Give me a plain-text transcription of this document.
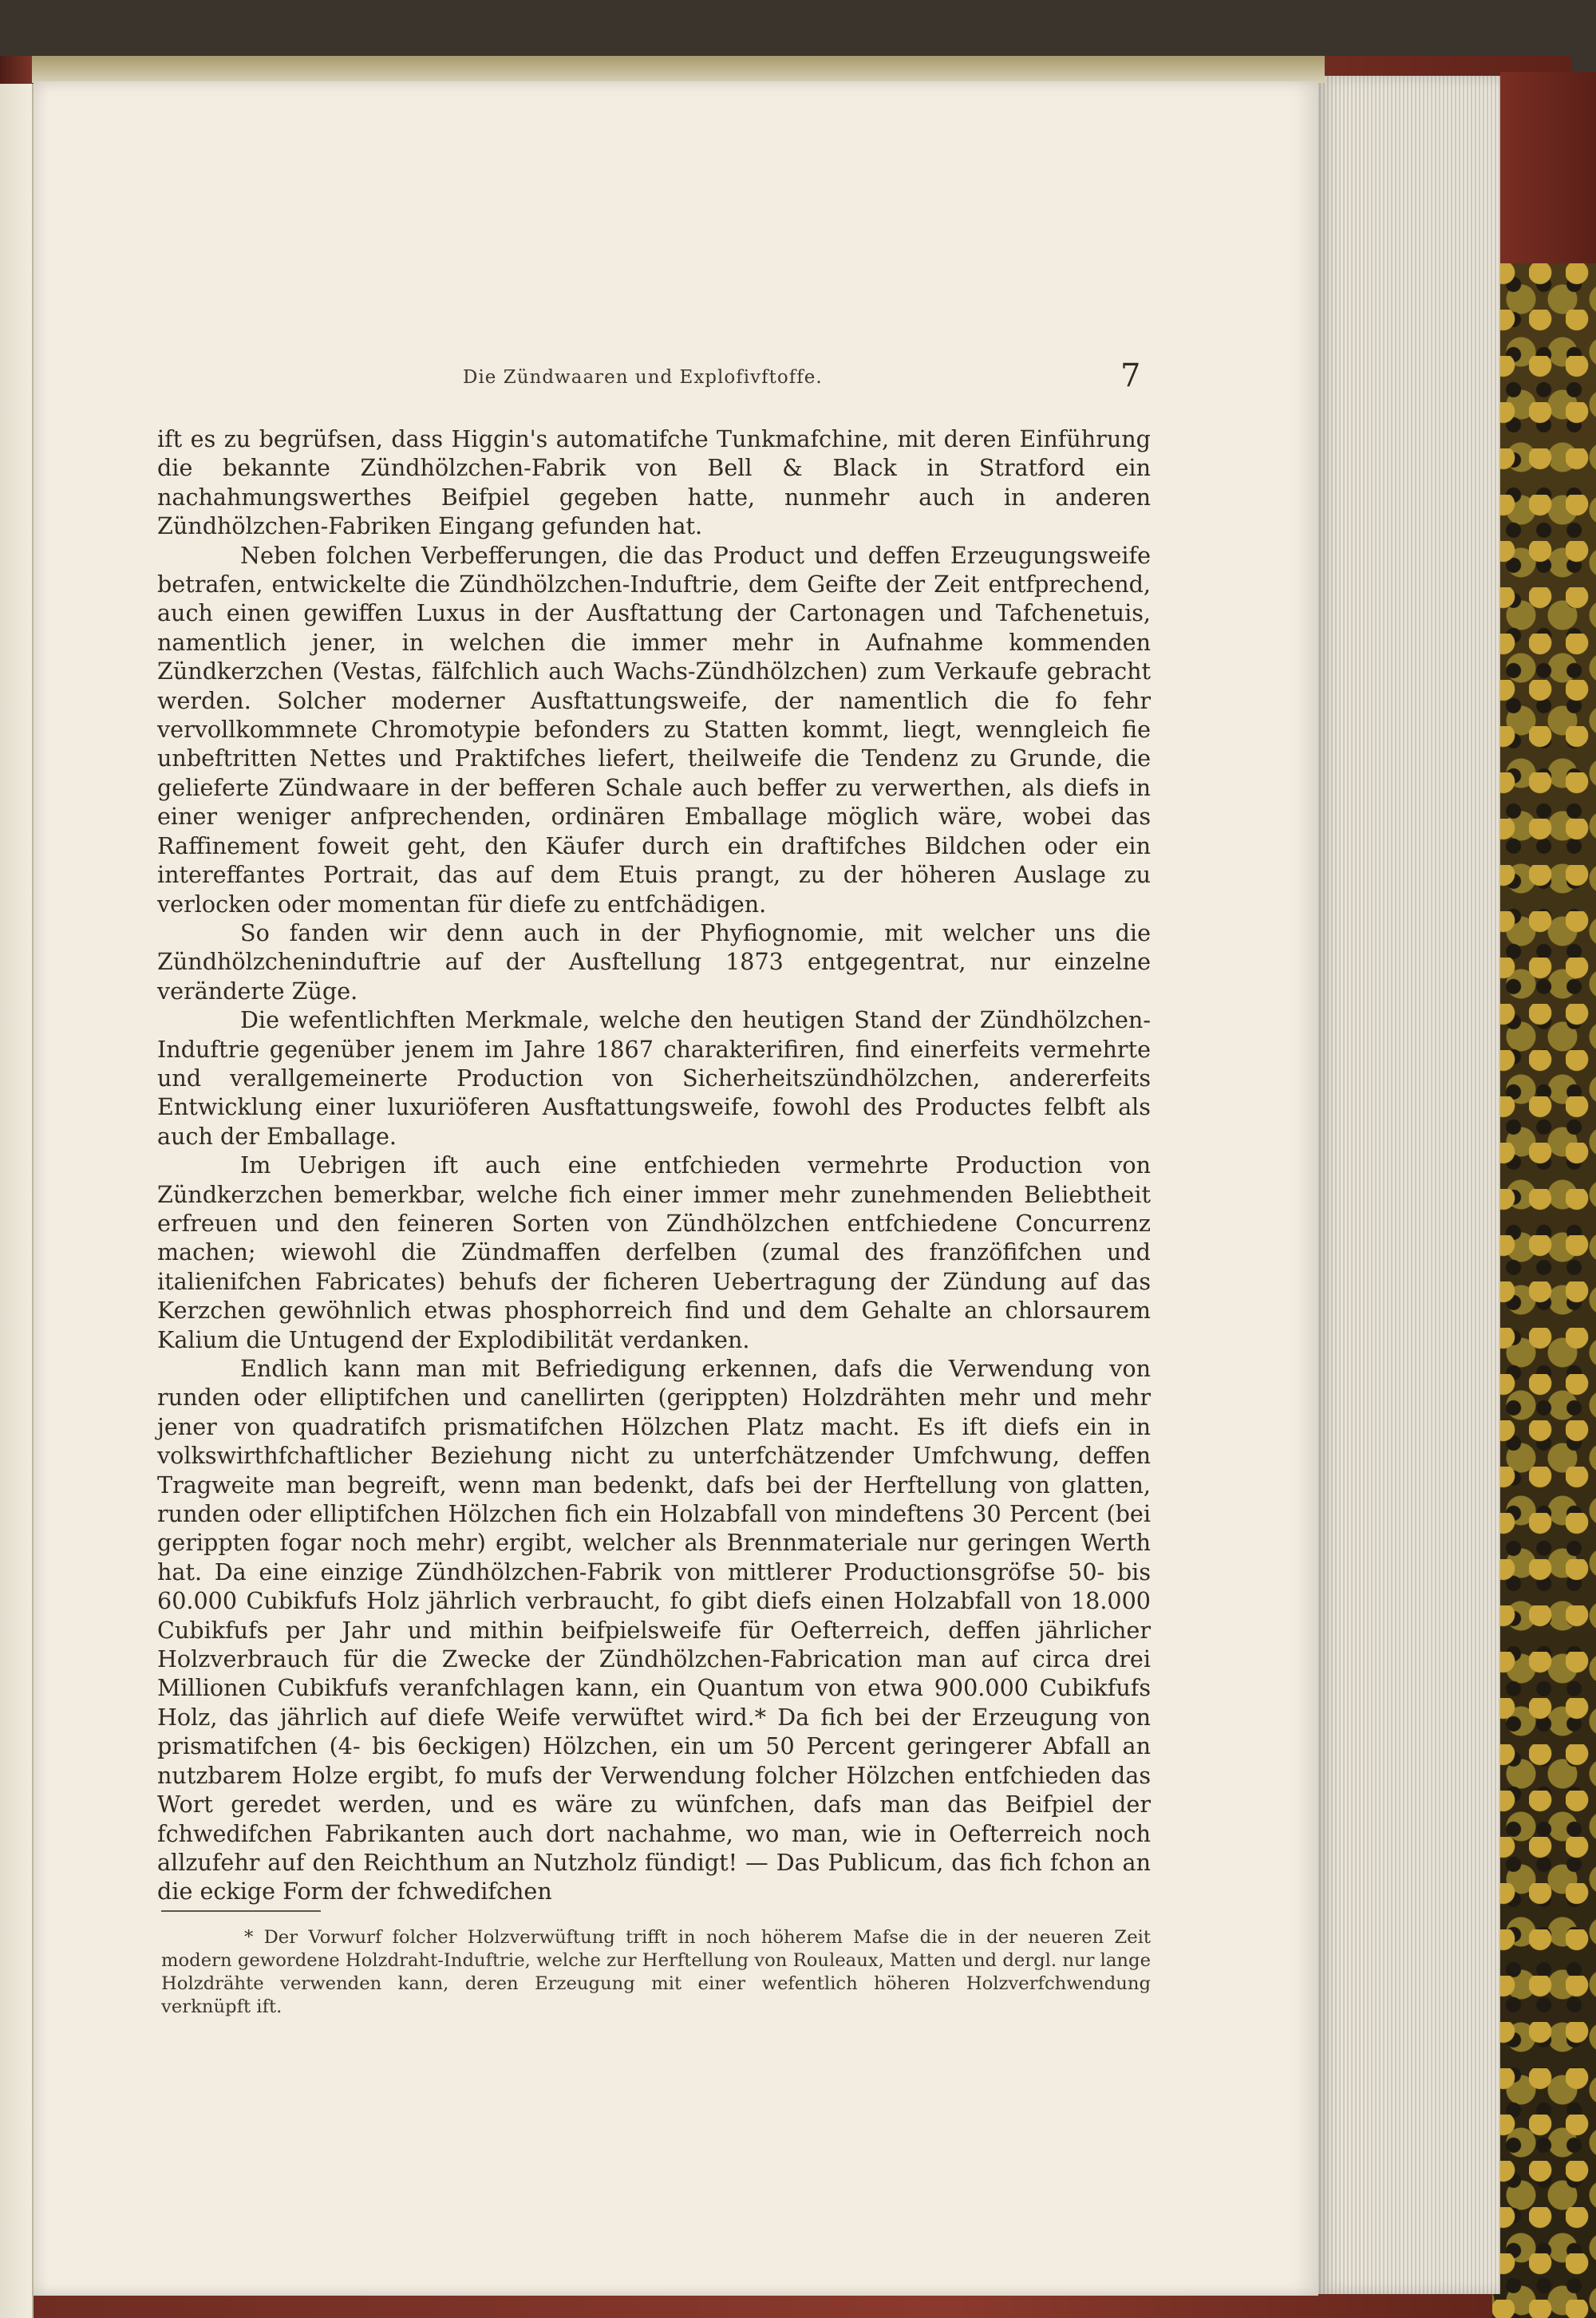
Die Zündwaaren und Explofivftoffe.	7

ift es zu begrüfsen, dass Higgin's automatifche Tunkmafchine, mit deren Einführung die bekannte Zündhölzchen-Fabrik von Bell & Black in Stratford ein nachahmungswerthes Beifpiel gegeben hatte, nunmehr auch in anderen Zündhölzchen-Fabriken Eingang gefunden hat.

Neben folchen Verbefferungen, die das Product und deffen Erzeugungsweife betrafen, entwickelte die Zündhölzchen-Induftrie, dem Geifte der Zeit entfprechend, auch einen gewiffen Luxus in der Ausftattung der Cartonagen und Tafchenetuis, namentlich jener, in welchen die immer mehr in Aufnahme kommenden Zündkerzchen (Vestas, fälfchlich auch Wachs-Zündhölzchen) zum Verkaufe gebracht werden. Solcher moderner Ausftattungsweife, der namentlich die fo fehr vervollkommnete Chromotypie befonders zu Statten kommt, liegt, wenngleich fie unbeftritten Nettes und Praktifches liefert, theilweife die Tendenz zu Grunde, die gelieferte Zündwaare in der befferen Schale auch beffer zu verwerthen, als diefs in einer weniger anfprechenden, ordinären Emballage möglich wäre, wobei das Raffinement foweit geht, den Käufer durch ein draftifches Bildchen oder ein intereffantes Portrait, das auf dem Etuis prangt, zu der höheren Auslage zu verlocken oder momentan für diefe zu entfchädigen.

So fanden wir denn auch in der Phyfiognomie, mit welcher uns die Zündhölzcheninduftrie auf der Ausftellung 1873 entgegentrat, nur einzelne veränderte Züge.

Die wefentlichften Merkmale, welche den heutigen Stand der Zündhölzchen-Induftrie gegenüber jenem im Jahre 1867 charakterifiren, find einerfeits vermehrte und verallgemeinerte Production von Sicherheitszündhölzchen, andererfeits Entwicklung einer luxuriöferen Ausftattungsweife, fowohl des Productes felbft als auch der Emballage.

Im Uebrigen ift auch eine entfchieden vermehrte Production von Zündkerzchen bemerkbar, welche fich einer immer mehr zunehmenden Beliebtheit erfreuen und den feineren Sorten von Zündhölzchen entfchiedene Concurrenz machen; wiewohl die Zündmaffen derfelben (zumal des franzöfifchen und italienifchen Fabricates) behufs der ficheren Uebertragung der Zündung auf das Kerzchen gewöhnlich etwas phosphorreich find und dem Gehalte an chlorsaurem Kalium die Untugend der Explodibilität verdanken.

Endlich kann man mit Befriedigung erkennen, dafs die Verwendung von runden oder elliptifchen und canellirten (gerippten) Holzdrähten mehr und mehr jener von quadratifch prismatifchen Hölzchen Platz macht. Es ift diefs ein in volkswirthfchaftlicher Beziehung nicht zu unterfchätzender Umfchwung, deffen Tragweite man begreift, wenn man bedenkt, dafs bei der Herftellung von glatten, runden oder elliptifchen Hölzchen fich ein Holzabfall von mindeftens 30 Percent (bei gerippten fogar noch mehr) ergibt, welcher als Brennmateriale nur geringen Werth hat. Da eine einzige Zündhölzchen-Fabrik von mittlerer Productionsgröfse 50- bis 60.000 Cubikfufs Holz jährlich verbraucht, fo gibt diefs einen Holzabfall von 18.000 Cubikfufs per Jahr und mithin beifpielsweife für Oefterreich, deffen jährlicher Holzverbrauch für die Zwecke der Zündhölzchen-Fabrication man auf circa drei Millionen Cubikfufs veranfchlagen kann, ein Quantum von etwa 900.000 Cubikfufs Holz, das jährlich auf diefe Weife verwüftet wird.* Da fich bei der Erzeugung von prismatifchen (4- bis 6eckigen) Hölzchen, ein um 50 Percent geringerer Abfall an nutzbarem Holze ergibt, fo mufs der Verwendung folcher Hölzchen entfchieden das Wort geredet werden, und es wäre zu wünfchen, dafs man das Beifpiel der fchwedifchen Fabrikanten auch dort nachahme, wo man, wie in Oefterreich noch allzufehr auf den Reichthum an Nutzholz fündigt! — Das Publicum, das fich fchon an die eckige Form der fchwedifchen

* Der Vorwurf folcher Holzverwüftung trifft in noch höherem Mafse die in der neueren Zeit modern gewordene Holzdraht-Induftrie, welche zur Herftellung von Rouleaux, Matten und dergl. nur lange Holzdrähte verwenden kann, deren Erzeugung mit einer wefentlich höheren Holzverfchwendung verknüpft ift.
